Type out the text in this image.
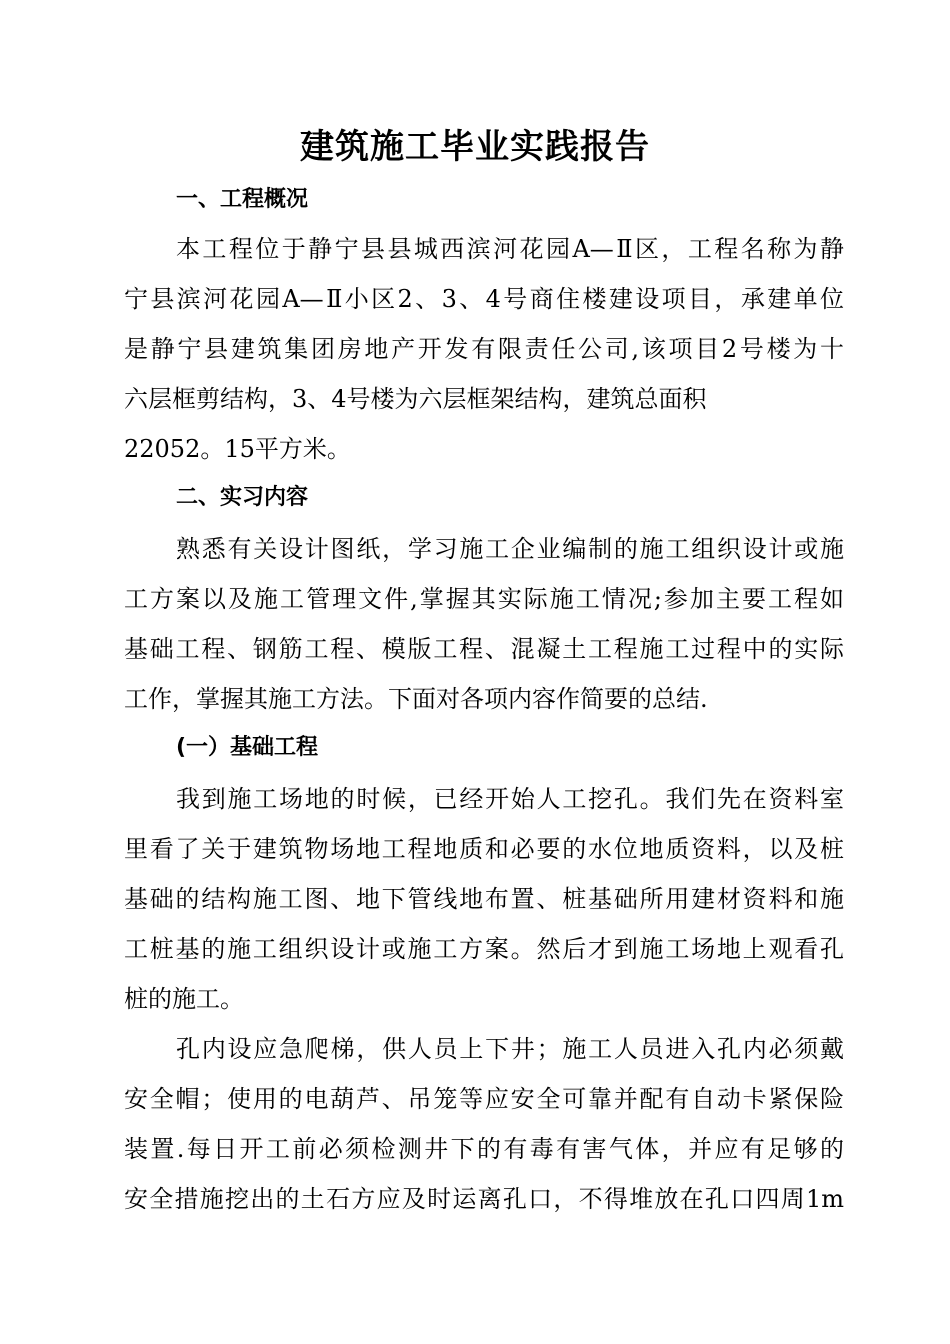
建筑施工毕业实践报告
一、工程概况
本工程位于静宁县县城西滨河花园A—Ⅱ区，工程名称为静
宁县滨河花园A—Ⅱ小区2、3、4号商住楼建设项目，承建单位
是静宁县建筑集团房地产开发有限责任公司,该项目2号楼为十
六层框剪结构，3、4号楼为六层框架结构，建筑总面积
22052。15平方米。
二、实习内容
熟悉有关设计图纸，学习施工企业编制的施工组织设计或施
工方案以及施工管理文件,掌握其实际施工情况;参加主要工程如
基础工程、钢筋工程、模版工程、混凝土工程施工过程中的实际
工作，掌握其施工方法。下面对各项内容作简要的总结.
(一）基础工程
我到施工场地的时候，已经开始人工挖孔。我们先在资料室
里看了关于建筑物场地工程地质和必要的水位地质资料，以及桩
基础的结构施工图、地下管线地布置、桩基础所用建材资料和施
工桩基的施工组织设计或施工方案。然后才到施工场地上观看孔
桩的施工。
孔内设应急爬梯，供人员上下井；施工人员进入孔内必须戴
安全帽；使用的电葫芦、吊笼等应安全可靠并配有自动卡紧保险
装置.每日开工前必须检测井下的有毒有害气体，并应有足够的
安全措施挖出的土石方应及时运离孔口，不得堆放在孔口四周1m
